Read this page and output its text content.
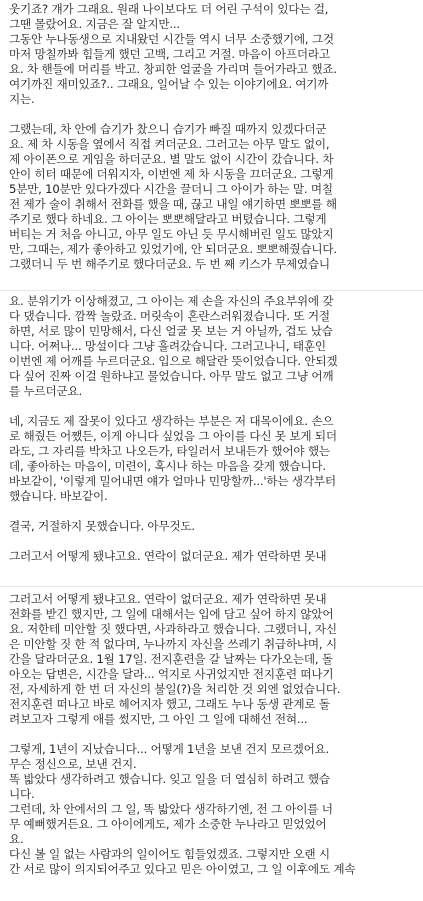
웃기죠? 걔가 그래요. 원래 나이보다도 더 어린 구석이 있다는 걸,

그땐 몰랐어요. 지금은 잘 알지만...

그동안 누나동생으로 지내왔던 시간들 역시 너무 소중했기에, 그것

마저 망칠까봐 힘들게 했던 고백, 그리고 거절. 마음이 아프더라고

요. 차 핸들에 머리를 박고. 창피한 얼굴을 가리며 들어가라고 했죠.

여기까진 재미있죠?.. 그래요, 일어날 수 있는 이야기에요. 여기까

지는.

그랬는데, 차 안에 습기가 찼으니 습기가 빠질 때까지 있겠다더군

요. 제 차 시동을 옆에서 직접 켜더군요. 그러고는 아무 말도 없이,

제 아이폰으로 게임을 하더군요. 별 말도 없이 시간이 갔습니다. 차

안이 히터 때문에 더워지자, 이번엔 제 차 시동을 끄더군요. 그렇게

5분만, 10분만 있다가겠다 시간을 끌더니 그 아이가 하는 말. 며칠

전 제가 술이 취해서 전화를 했을 때, 끊고 내일 얘기하면 뽀뽀를 해

주기로 했다 하네요. 그 아이는 뽀뽀해달라고 버텼습니다. 그렇게

버티는 거 처음 아니고, 아무 일도 아닌 듯 무시해버린 일도 많았지

만, 그때는, 제가 좋아하고 있었기에, 안 되더군요. 뽀뽀해줬습니다.

그랬더니 두 번 해주기로 했다더군요. 두 번 째 키스가 무제였습니

요. 분위기가 이상해졌고, 그 아이는 제 손을 자신의 주요부위에 갖

다 댔습니다. 깜짝 놀랐죠. 머릿속이 혼란스러워졌습니다. 또 거절

하면, 서로 많이 민망해서, 다신 얼굴 못 보는 거 아닐까, 겁도 났습

니다. 어쩌나... 망설이다 그냥 흘려갔습니다. 그러고나니, 태훈인

이번엔 제 어깨를 누르더군요. 입으로 해달란 뜻이었습니다. 안되겠

다 싶어 진짜 이걸 원하냐고 물었습니다. 아무 말도 없고 그냥 어깨

를 누르더군요.

네, 지금도 제 잘못이 있다고 생각하는 부분은 저 대목이에요. 손으

로 해줬든 어쨌든, 이게 아니다 싶었음 그 아이를 다신 못 보게 되더

라도, 그 자리를 박차고 나오든가, 타일러서 보내든가 했어야 했는

데, 좋아하는 마음이, 미련이, 혹시나 하는 마음을 갖게 했습니다.

바보같이, '이렇게 밀어내면 얘가 얼마나 민망할까...'하는 생각부터

했습니다. 바보같이.

결국, 거절하지 못했습니다. 아무것도.

그러고서 어떻게 됐냐고요. 연락이 없더군요. 제가 연락하면 못내

그러고서 어떻게 됐냐고요. 연락이 없더군요. 제가 연락하면 못내

전화를 받긴 했지만, 그 일에 대해서는 입에 담고 싶어 하지 않았어

요. 저한테 미안할 짓 했다면, 사과하라고 했습니다. 그랬더니, 자신

은 미안할 짓 한 적 없다며, 누나까지 자신을 쓰레기 취급하냐며, 시

간을 달라더군요. 1월 17일. 전지훈련을 갈 날짜는 다가오는데, 돌

아오는 답변은, 시간을 달라... 억지로 사귀었지만 전지훈련 떠나기

전, 자세하게 한 번 더 자신의 불일(?)을 처리한 것 외엔 없었습니다.

전지훈련 떠나고 바로 헤어지자 했고, 그래도 누나 동생 관계로 돌

려보고자 그렇게 애를 썼지만, 그 아인 그 일에 대해선 전혀...

그렇게, 1년이 지났습니다... 어떻게 1년을 보낸 건지 모르겠어요.

무슨 정신으로, 보낸 건지.

똑 밟았다 생각하려고 했습니다. 잊고 일을 더 열심히 하려고 했습

니다.

그런데, 차 안에서의 그 일, 똑 밟았다 생각하기엔, 전 그 아이를 너

무 예뻐했거든요. 그 아이에게도, 제가 소중한 누나라고 믿었었어

요.

다신 볼 일 없는 사람과의 일이어도 힘들었겠죠. 그렇지만 오랜 시

간 서로 많이 의지되어주고 있다고 믿은 아이였고, 그 일 이후에도 계속
